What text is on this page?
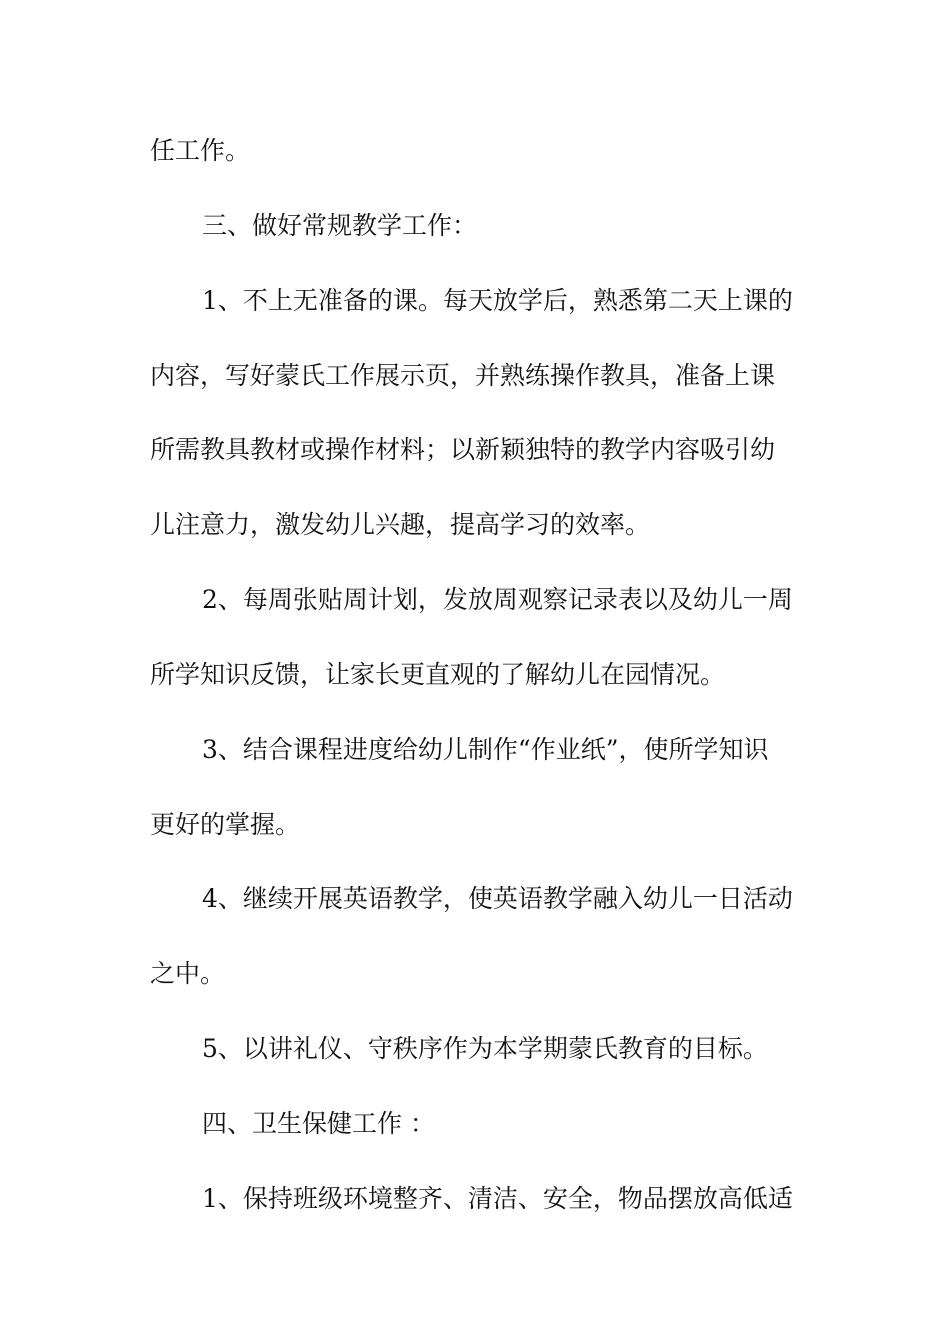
任工作。
三、做好常规教学工作：
1、不上无准备的课。每天放学后，熟悉第二天上课的
内容，写好蒙氏工作展示页，并熟练操作教具，准备上课
所需教具教材或操作材料；以新颖独特的教学内容吸引幼
儿注意力，激发幼儿兴趣，提高学习的效率。
2、每周张贴周计划，发放周观察记录表以及幼儿一周
所学知识反馈，让家长更直观的了解幼儿在园情况。
3、结合课程进度给幼儿制作“作业纸”，使所学知识
更好的掌握。
4、继续开展英语教学，使英语教学融入幼儿一日活动
之中。
5、以讲礼仪、守秩序作为本学期蒙氏教育的目标。
四、卫生保健工作 ：
1、保持班级环境整齐、清洁、安全，物品摆放高低适
